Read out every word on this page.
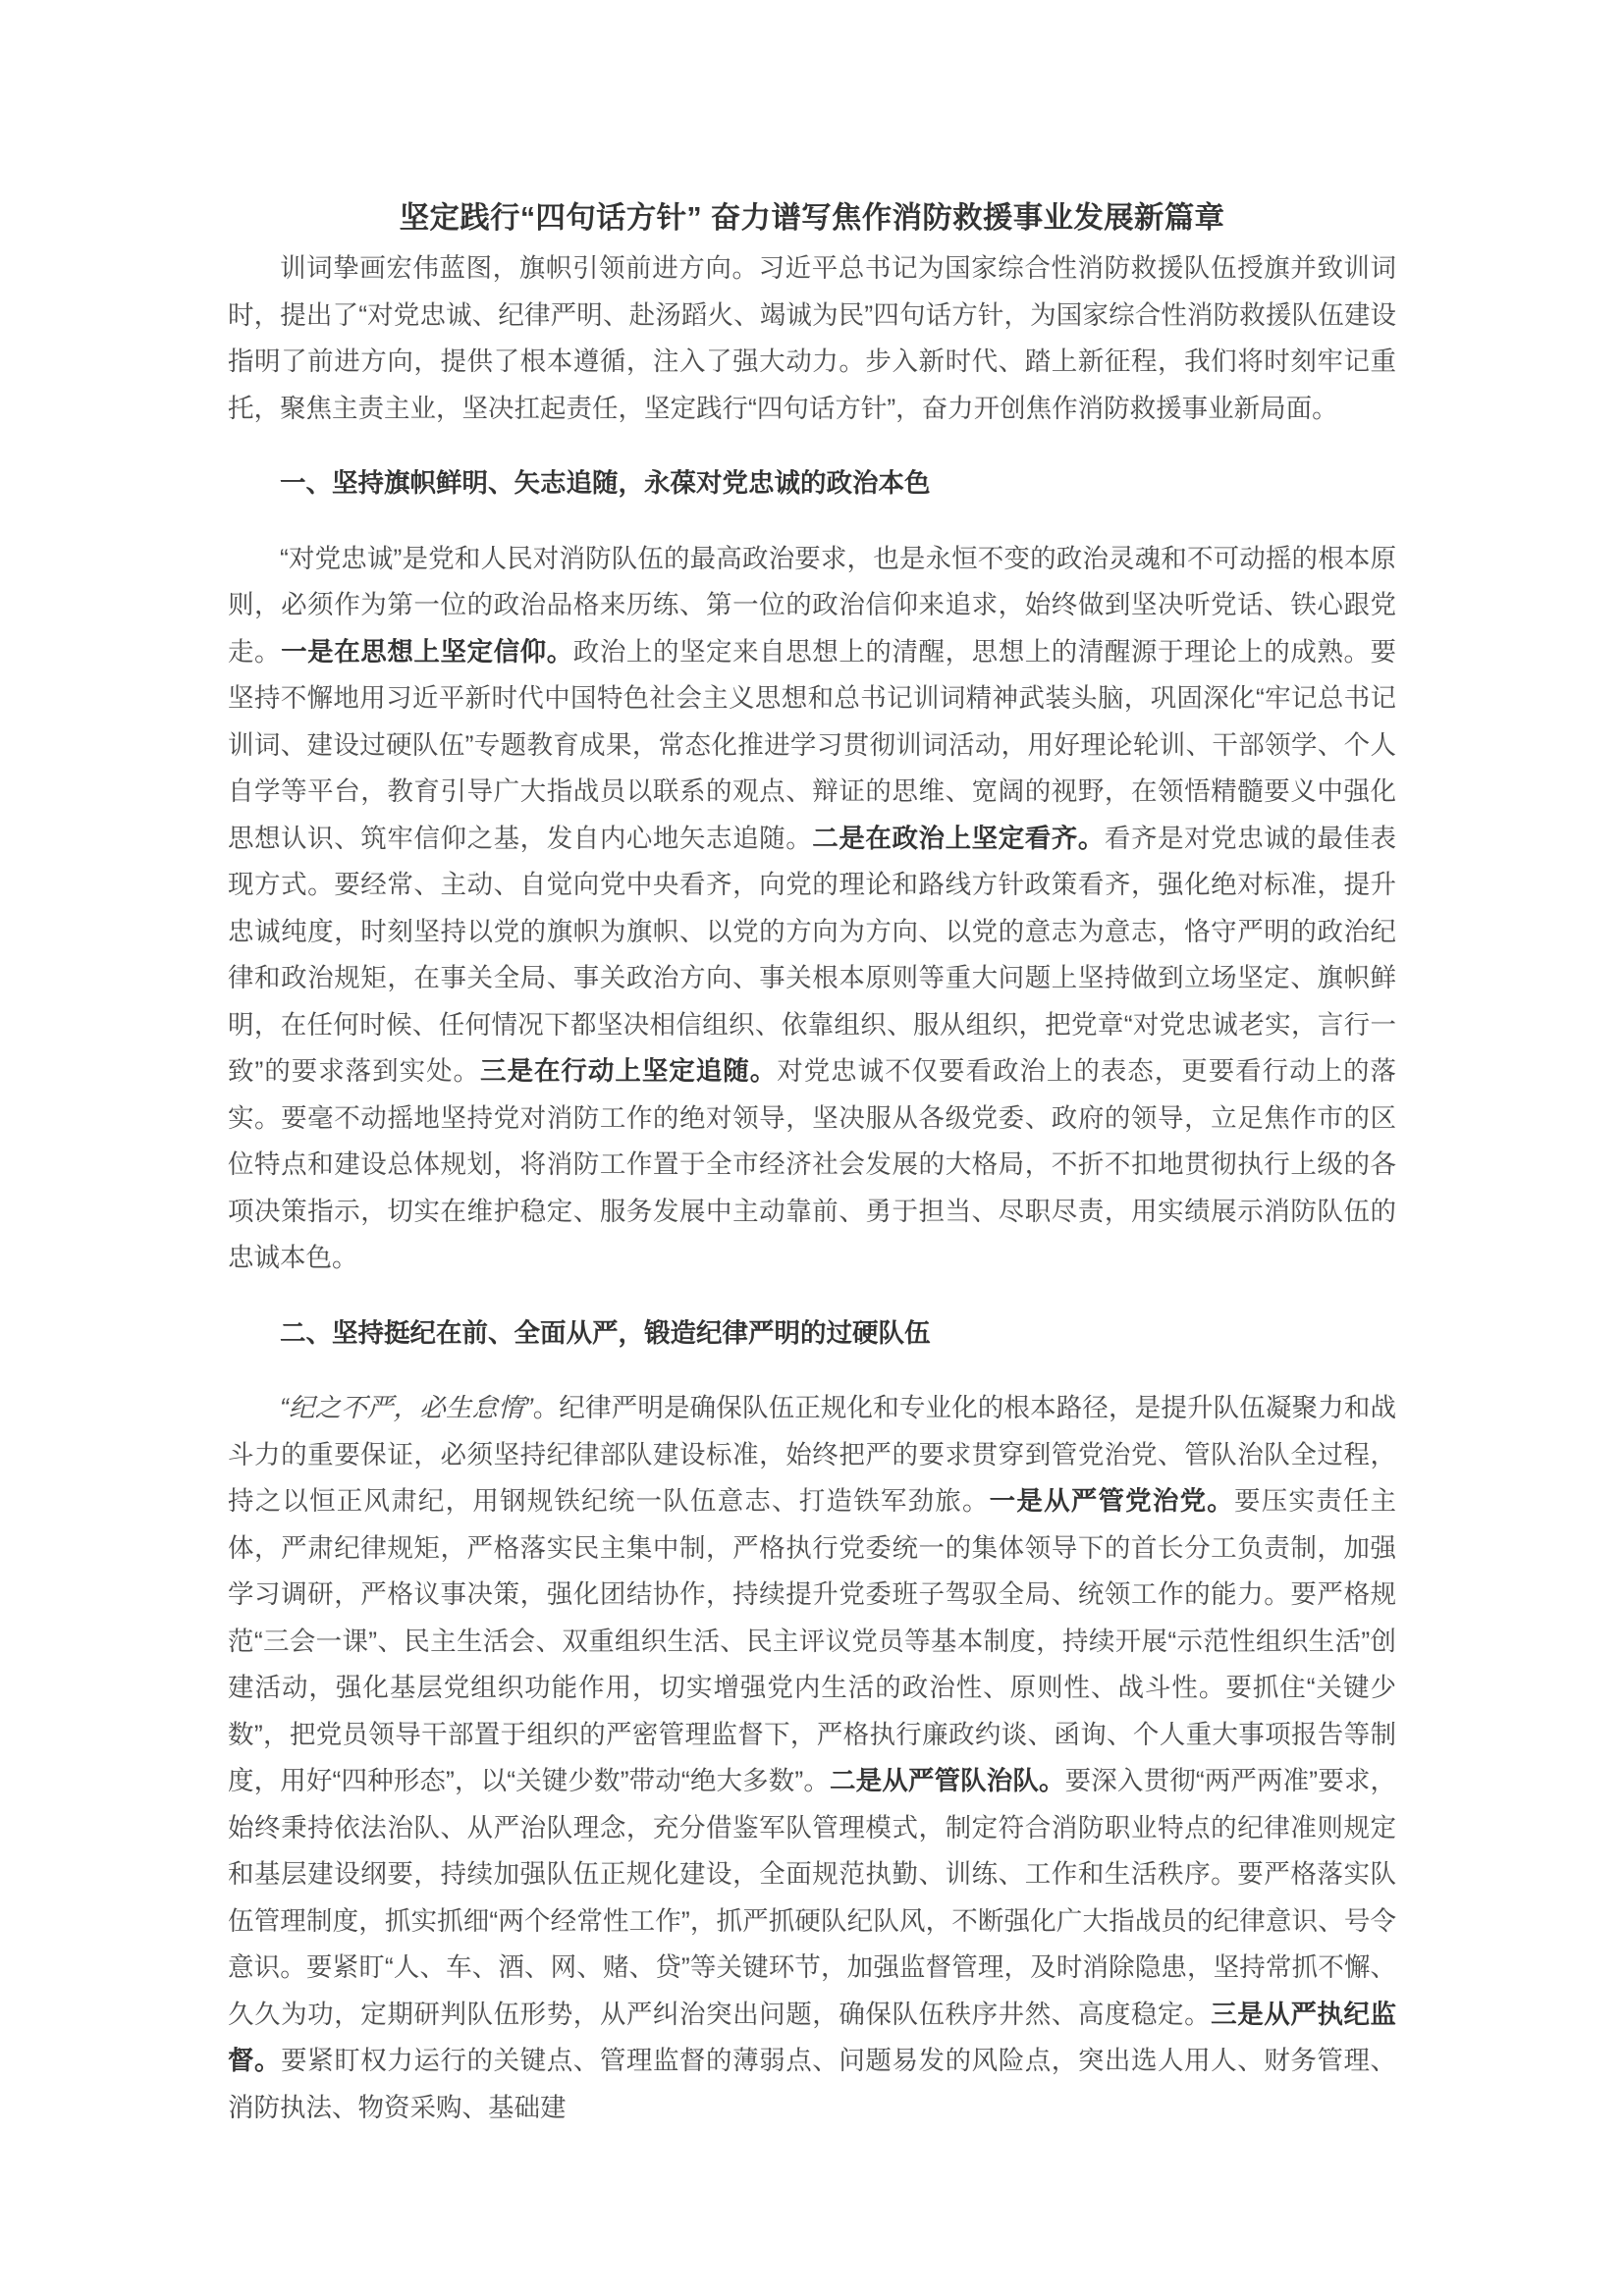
坚定践行“四句话方针” 奋力谱写焦作消防救援事业发展新篇章

训词挚画宏伟蓝图，旗帜引领前进方向。习近平总书记为国家综合性消防救援队伍授旗并致训词时，提出了“对党忠诚、纪律严明、赴汤蹈火、竭诚为民”四句话方针，为国家综合性消防救援队伍建设指明了前进方向，提供了根本遵循，注入了强大动力。步入新时代、踏上新征程，我们将时刻牢记重托，聚焦主责主业，坚决扛起责任，坚定践行“四句话方针”，奋力开创焦作消防救援事业新局面。

一、坚持旗帜鲜明、矢志追随，永葆对党忠诚的政治本色

“对党忠诚”是党和人民对消防队伍的最高政治要求，也是永恒不变的政治灵魂和不可动摇的根本原则，必须作为第一位的政治品格来历练、第一位的政治信仰来追求，始终做到坚决听党话、铁心跟党走。一是在思想上坚定信仰。政治上的坚定来自思想上的清醒，思想上的清醒源于理论上的成熟。要坚持不懈地用习近平新时代中国特色社会主义思想和总书记训词精神武装头脑，巩固深化“牢记总书记训词、建设过硬队伍”专题教育成果，常态化推进学习贯彻训词活动，用好理论轮训、干部领学、个人自学等平台，教育引导广大指战员以联系的观点、辩证的思维、宽阔的视野，在领悟精髓要义中强化思想认识、筑牢信仰之基，发自内心地矢志追随。二是在政治上坚定看齐。看齐是对党忠诚的最佳表现方式。要经常、主动、自觉向党中央看齐，向党的理论和路线方针政策看齐，强化绝对标准，提升忠诚纯度，时刻坚持以党的旗帜为旗帜、以党的方向为方向、以党的意志为意志，恪守严明的政治纪律和政治规矩，在事关全局、事关政治方向、事关根本原则等重大问题上坚持做到立场坚定、旗帜鲜明，在任何时候、任何情况下都坚决相信组织、依靠组织、服从组织，把党章“对党忠诚老实，言行一致”的要求落到实处。三是在行动上坚定追随。对党忠诚不仅要看政治上的表态，更要看行动上的落实。要毫不动摇地坚持党对消防工作的绝对领导，坚决服从各级党委、政府的领导，立足焦作市的区位特点和建设总体规划，将消防工作置于全市经济社会发展的大格局，不折不扣地贯彻执行上级的各项决策指示，切实在维护稳定、服务发展中主动靠前、勇于担当、尽职尽责，用实绩展示消防队伍的忠诚本色。

二、坚持挺纪在前、全面从严，锻造纪律严明的过硬队伍

“纪之不严，必生怠惰”。纪律严明是确保队伍正规化和专业化的根本路径，是提升队伍凝聚力和战斗力的重要保证，必须坚持纪律部队建设标准，始终把严的要求贯穿到管党治党、管队治队全过程，持之以恒正风肃纪，用钢规铁纪统一队伍意志、打造铁军劲旅。一是从严管党治党。要压实责任主体，严肃纪律规矩，严格落实民主集中制，严格执行党委统一的集体领导下的首长分工负责制，加强学习调研，严格议事决策，强化团结协作，持续提升党委班子驾驭全局、统领工作的能力。要严格规范“三会一课”、民主生活会、双重组织生活、民主评议党员等基本制度，持续开展“示范性组织生活”创建活动，强化基层党组织功能作用，切实增强党内生活的政治性、原则性、战斗性。要抓住“关键少数”，把党员领导干部置于组织的严密管理监督下，严格执行廉政约谈、函询、个人重大事项报告等制度，用好“四种形态”，以“关键少数”带动“绝大多数”。二是从严管队治队。要深入贯彻“两严两准”要求，始终秉持依法治队、从严治队理念，充分借鉴军队管理模式，制定符合消防职业特点的纪律准则规定和基层建设纲要，持续加强队伍正规化建设，全面规范执勤、训练、工作和生活秩序。要严格落实队伍管理制度，抓实抓细“两个经常性工作”，抓严抓硬队纪队风，不断强化广大指战员的纪律意识、号令意识。要紧盯“人、车、酒、网、赌、贷”等关键环节，加强监督管理，及时消除隐患，坚持常抓不懈、久久为功，定期研判队伍形势，从严纠治突出问题，确保队伍秩序井然、高度稳定。三是从严执纪监督。要紧盯权力运行的关键点、管理监督的薄弱点、问题易发的风险点，突出选人用人、财务管理、消防执法、物资采购、基础建
